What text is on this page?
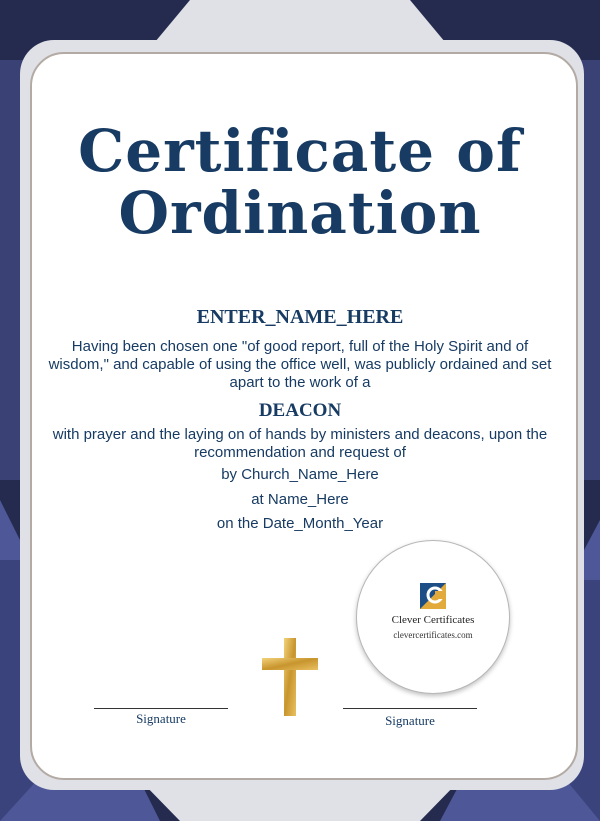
Certificate of
Ordination
ENTER_NAME_HERE
Having been chosen one "of good report, full of the Holy Spirit and of wisdom," and capable of using the office well, was publicly ordained and set apart to the work of a
DEACON
with prayer and the laying on of hands by ministers and deacons, upon the recommendation and request of
by Church_Name_Here
at Name_Here
on the Date_Month_Year
Clever Certificates
clevercertificates.com
Signature	Signature
